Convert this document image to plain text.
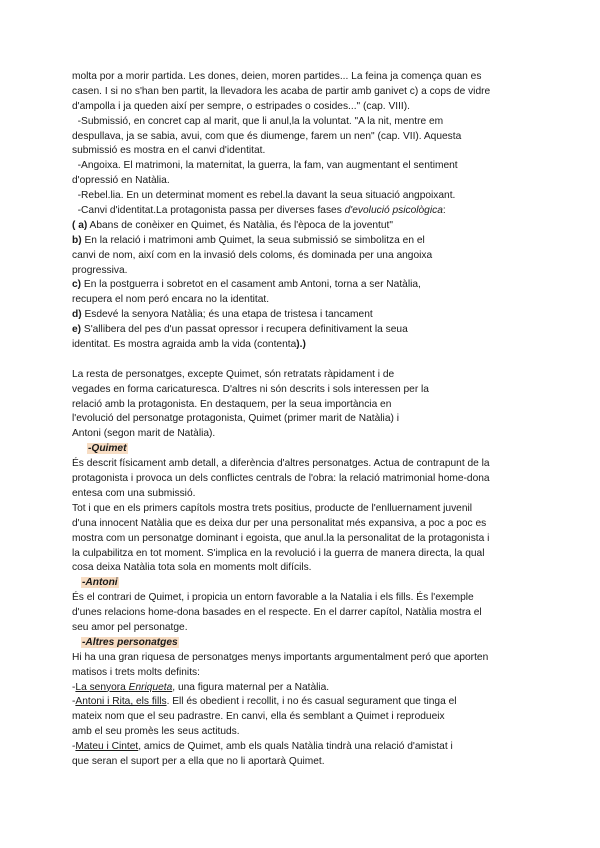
molta por a morir partida. Les dones, deien, moren partides... La feina ja comença quan es
casen. I si no s'han ben partit, la llevadora les acaba de partir amb ganivet c) a cops de vidre
d'ampolla i ja queden així per sempre, o estripades o cosides..." (cap. VIII).
-Submissió, en concret cap al marit, que li anul,la la voluntat. "A la nit, mentre em
despullava, ja se sabia, avui, com que és diumenge, farem un nen" (cap. VII). Aquesta
submissió es mostra en el canvi d'identitat.
-Angoixa. El matrimoni, la maternitat, la guerra, la fam, van augmentant el sentiment
d'opressió en Natàlia.
-Rebel.lia. En un determinat moment es rebel.la davant la seua situació angpoixant.
-Canvi d'identitat.La protagonista passa per diverses fases d'evolució psicològica:
( a) Abans de conèixer en Quimet, és Natàlia, és l'època de la joventut"
b) En la relació i matrimoni amb Quimet, la seua submissió se simbolitza en el
canvi de nom, així com en la invasió dels coloms, és dominada per una angoixa
progressiva.
c) En la postguerra i sobretot en el casament amb Antoni, torna a ser Natàlia,
recupera el nom peró encara no la identitat.
d) Esdevé la senyora Natàlia; és una etapa de tristesa i tancament
e) S'allibera del pes d'un passat opressor i recupera definitivament la seua
identitat. Es mostra agraida amb la vida (contenta).)
La resta de personatges, excepte Quimet, són retratats ràpidament i de
vegades en forma caricaturesca. D'altres ni són descrits i sols interessen per la
relació amb la protagonista. En destaquem, per la seua importància en
l'evolució del personatge protagonista, Quimet (primer marit de Natàlia) i
Antoni (segon marit de Natàlia).
-Quimet
És descrit físicament amb detall, a diferència d'altres personatges. Actua de contrapunt de la
protagonista i provoca un dels conflictes centrals de l'obra: la relació matrimonial home-dona
entesa com una submissió.
Tot i que en els primers capítols mostra trets positius, producte de l'enlluernament juvenil
d'una innocent Natàlia que es deixa dur per una personalitat més expansiva, a poc a poc es
mostra com un personatge dominant i egoista, que anul.la la personalitat de la protagonista i
la culpabilitza en tot moment. S'implica en la revolució i la guerra de manera directa, la qual
cosa deixa Natàlia tota sola en moments molt difícils.
-Antoni
És el contrari de Quimet, i propicia un entorn favorable a la Natalia i els fills. És l'exemple
d'unes relacions home-dona basades en el respecte. En el darrer capítol, Natàlia mostra el
seu amor pel personatge.
-Altres personatges
Hi ha una gran riquesa de personatges menys importants argumentalment peró que aporten
matisos i trets molts definits:
-La senyora Enriqueta, una figura maternal per a Natàlia.
-Antoni i Rita, els fills. Ell és obedient i recollit, i no és casual segurament que tinga el
mateix nom que el seu padrastre. En canvi, ella és semblant a Quimet i reprodueix
amb el seu promès les seus actituds.
-Mateu i Cintet, amics de Quimet, amb els quals Natàlia tindrà una relació d'amistat i
que seran el suport per a ella que no li aportarà Quimet.
